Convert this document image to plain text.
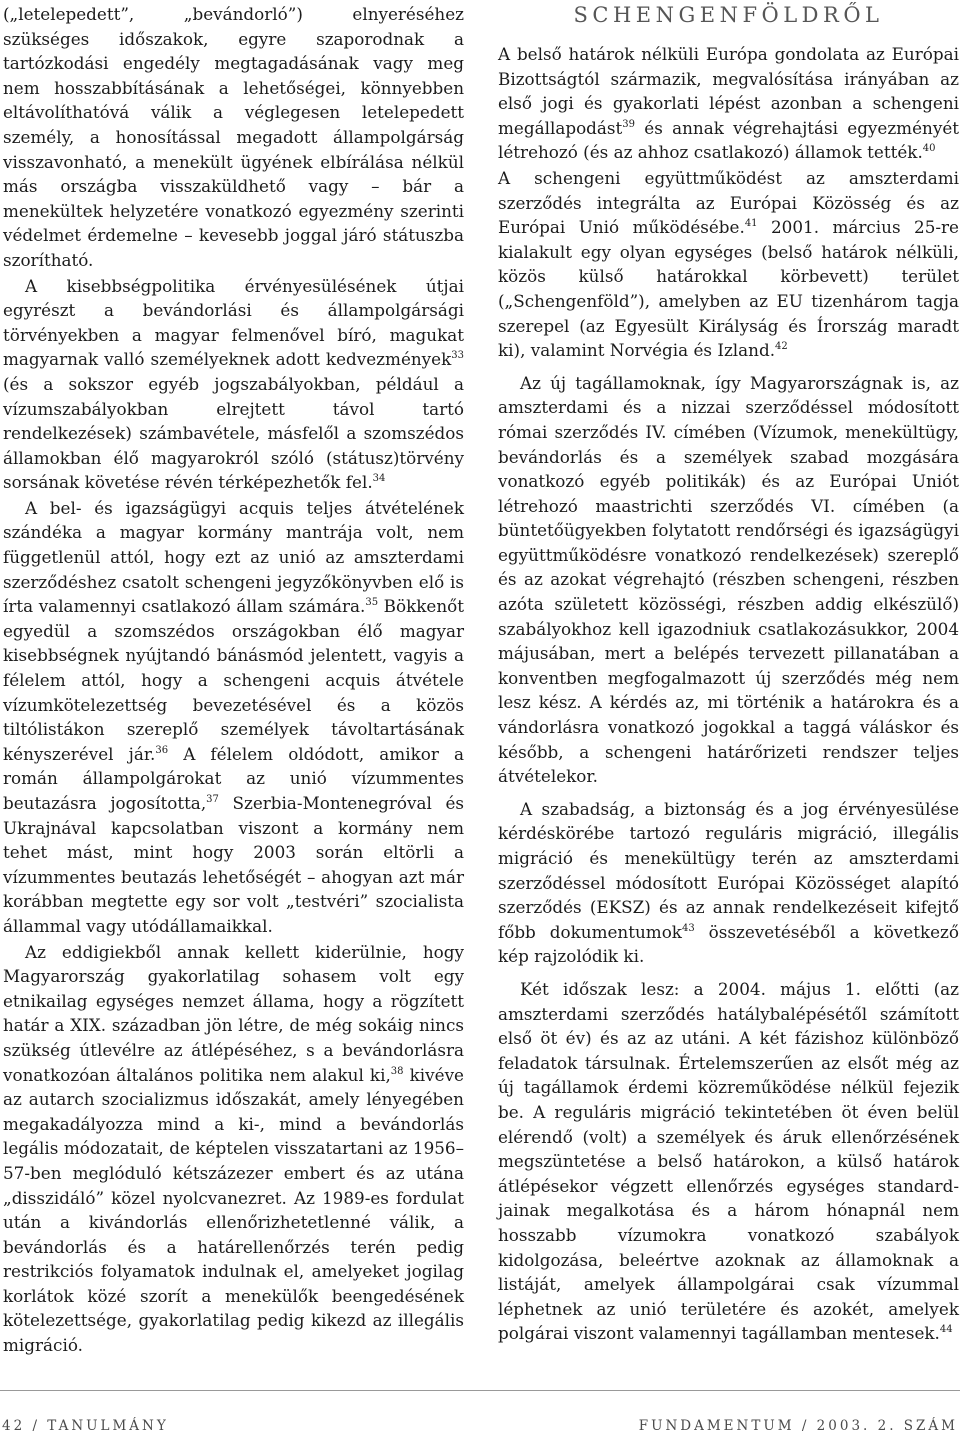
(„letelepedett”, „bevándorló”) elnyeréséhez szükséges időszakok, egyre szaporodnak a tartózkodási engedély megtagadásának vagy meg nem hosszabbításának a lehetőségei, könnyebben eltávolíthatóvá válik a véglegesen letelepedett személy, a honosítással megadott állampolgárság visszavonható, a menekült ügyének elbírálása nélkül más országba visszaküldhető vagy – bár a menekültek helyzetére vonatkozó egyezmény szerinti védelmet érdemelne – kevesebb joggal járó státuszba szorítható.

A kisebbségpolitika érvényesülésének útjai egyrészt a bevándorlási és állampolgársági törvényekben a magyar felmenővel bíró, magukat magyarnak valló személyeknek adott kedvezmények$^{33}$ (és a sokszor egyéb jogszabályokban, például a vízumszabályokban elrejtett távol tartó rendelkezések) számbavétele, másfelől a szomszédos államokban élő magyarokról szóló (státusz)törvény sorsának követése révén térképezhetők fel.$^{34}$

A bel- és igazságügyi acquis teljes átvételének szándéka a magyar kormány mantrája volt, nem függetlenül attól, hogy ezt az unió az amszterdami szerződéshez csatolt schengeni jegyzőkönyvben elő is írta valamennyi csatlakozó állam számára.$^{35}$ Bökkenőt egyedül a szomszédos országokban élő magyar kisebbségnek nyújtandó bánásmód jelentett, vagyis a félelem attól, hogy a schengeni acquis átvétele vízumkötelezettség bevezetésével és a közös tiltólistákon szereplő személyek távoltartásának kényszerével jár.$^{36}$ A félelem oldódott, amikor a román állampolgárokat az unió vízummentes beutazásra jogosította,$^{37}$ Szerbia-Montenegróval és Ukrajnával kapcsolatban viszont a kormány nem tehet mást, mint hogy 2003 során eltörli a vízummentes beutazás lehetőségét – ahogyan azt már korábban megtette egy sor volt „testvéri” szocialista állammal vagy utódállamaikkal.

Az eddigiekből annak kellett kiderülnie, hogy Magyarország gyakorlatilag sohasem volt egy etnikailag egységes nemzet állama, hogy a rögzített határ a XIX. században jön létre, de még sokáig nincs szükség útlevélre az átlépéséhez, s a bevándorlásra vonatkozóan általános politika nem alakul ki,$^{38}$ kivéve az autarch szocializmus időszakát, amely lényegében megakadályozza mind a ki-, mind a bevándorlás legális módozatait, de képtelen visszatartani az 1956–57-ben meglóduló kétszázezer embert és az utána „disszidáló” közel nyolcvanezret. Az 1989-es fordulat után a kivándorlás ellenőrizhetetlenné válik, a bevándorlás és a határellenőrzés terén pedig restrikciós folyamatok indulnak el, amelyeket jogilag korlátok közé szorít a menekülők beengedésének kötelezettsége, gyakorlatilag pedig kikezd az illegális migráció.

SCHENGENFÖLDRŐL

A belső határok nélküli Európa gondolata az Európai Bizottságtól származik, megvalósítása irányában az első jogi és gyakorlati lépést azonban a schengeni megállapodást$^{39}$ és annak végrehajtási egyezményét létrehozó (és az ahhoz csatlakozó) államok tették.$^{40}$

A schengeni együttműködést az amszterdami szerződés integrálta az Európai Közösség és az Európai Unió működésébe.$^{41}$ 2001. március 25-re kialakult egy olyan egységes (belső határok nélküli, közös külső határokkal körbevett) terület („Schengenföld”), amelyben az EU tizenhárom tagja szerepel (az Egyesült Királyság és Írország maradt ki), valamint Norvégia és Izland.$^{42}$

Az új tagállamoknak, így Magyarországnak is, az amszterdami és a nizzai szerződéssel módosított római szerződés IV. címében (Vízumok, menekültügy, bevándorlás és a személyek szabad mozgására vonatkozó egyéb politikák) és az Európai Uniót létrehozó maastrichti szerződés VI. címében (a büntetőügyekben folytatott rendőrségi és igazságügyi együttműködésre vonatkozó rendelkezések) szereplő és az azokat végrehajtó (részben schengeni, részben azóta született közösségi, részben addig elkészülő) szabályokhoz kell igazodniuk csatlakozásukkor, 2004 májusában, mert a belépés tervezett pillanatában a konventben megfogalmazott új szerződés még nem lesz kész. A kérdés az, mi történik a határokra és a vándorlásra vonatkozó jogokkal a taggá váláskor és később, a schengeni határőrizeti rendszer teljes átvételekor.

A szabadság, a biztonság és a jog érvényesülése kérdéskörébe tartozó reguláris migráció, illegális migráció és menekültügy terén az amszterdami szerződéssel módosított Európai Közösséget alapító szerződés (EKSZ) és az annak rendelkezéseit kifejtő főbb dokumentumok$^{43}$ összevetéséből a következő kép rajzolódik ki.

Két időszak lesz: a 2004. május 1. előtti (az amszterdami szerződés hatálybalépésétől számított első öt év) és az az utáni. A két fázishoz különböző feladatok társulnak. Értelemszerűen az elsőt még az új tagállamok érdemi közreműködése nélkül fejezik be. A reguláris migráció tekintetében öt éven belül elérendő (volt) a személyek és áruk ellenőrzésének megszüntetése a belső határokon, a külső határok átlépésekor végzett ellenőrzés egységes standard-jainak megalkotása és a három hónapnál nem hosszabb vízumokra vonatkozó szabályok kidolgozása, beleértve azoknak az államoknak a listáját, amelyek állampolgárai csak vízummal léphetnek az unió területére és azokét, amelyek polgárai viszont valamennyi tagállamban mentesek.$^{44}$

42 / TANULMÁNY	FUNDAMENTUM / 2003. 2. SZÁM
